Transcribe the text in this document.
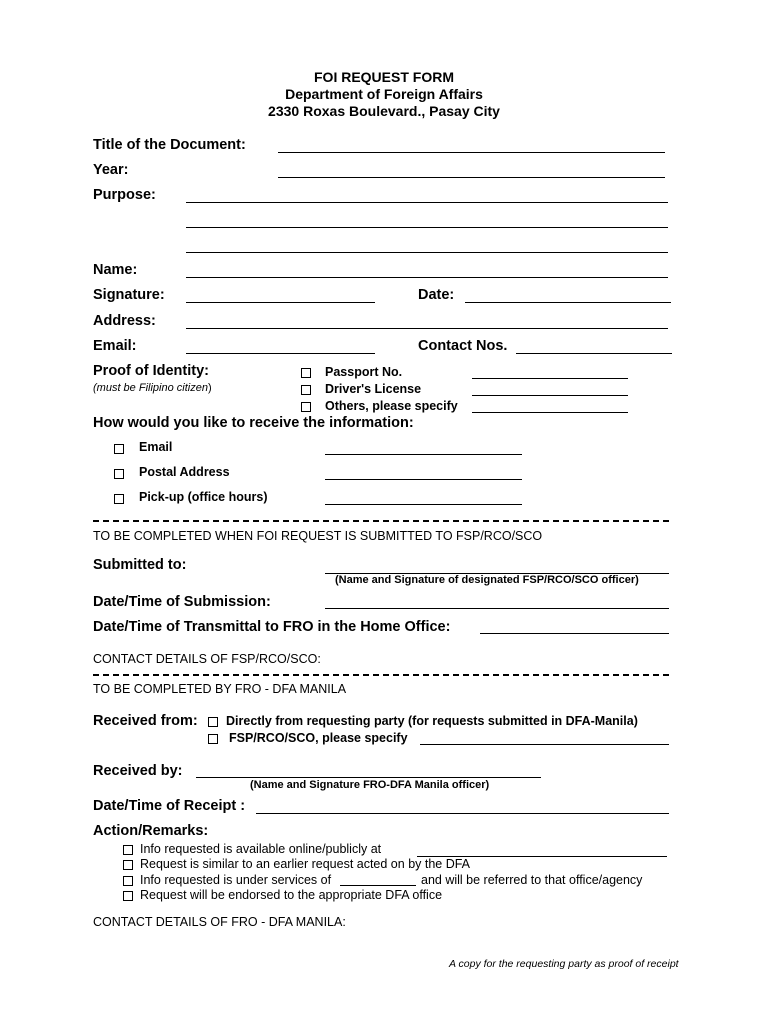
FOI REQUEST FORM
Department of Foreign Affairs
2330 Roxas Boulevard., Pasay City
Title of the Document:
Year:
Purpose:
Name:
Signature:	Date:
Address:
Email:	Contact Nos.
Proof of Identity:
(must be Filipino citizen)
Passport No.
Driver's License
Others, please specify
How would you like to receive the information:
Email
Postal Address
Pick-up (office hours)
TO BE COMPLETED WHEN FOI REQUEST IS SUBMITTED TO FSP/RCO/SCO
Submitted to:
(Name and Signature of designated FSP/RCO/SCO officer)
Date/Time of Submission:
Date/Time of Transmittal to FRO in the Home Office:
CONTACT DETAILS OF FSP/RCO/SCO:
TO BE COMPLETED BY FRO - DFA MANILA
Received from: Directly from requesting party (for requests submitted in DFA-Manila)
FSP/RCO/SCO, please specify
Received by:
(Name and Signature FRO-DFA Manila officer)
Date/Time of Receipt :
Action/Remarks:
Info requested is available online/publicly at
Request is similar to an earlier request acted on by the DFA
Info requested is under services of	and will be referred to that office/agency
Request will be endorsed to the appropriate DFA office
CONTACT DETAILS OF FRO - DFA MANILA:
A copy for the requesting party as proof of receipt
